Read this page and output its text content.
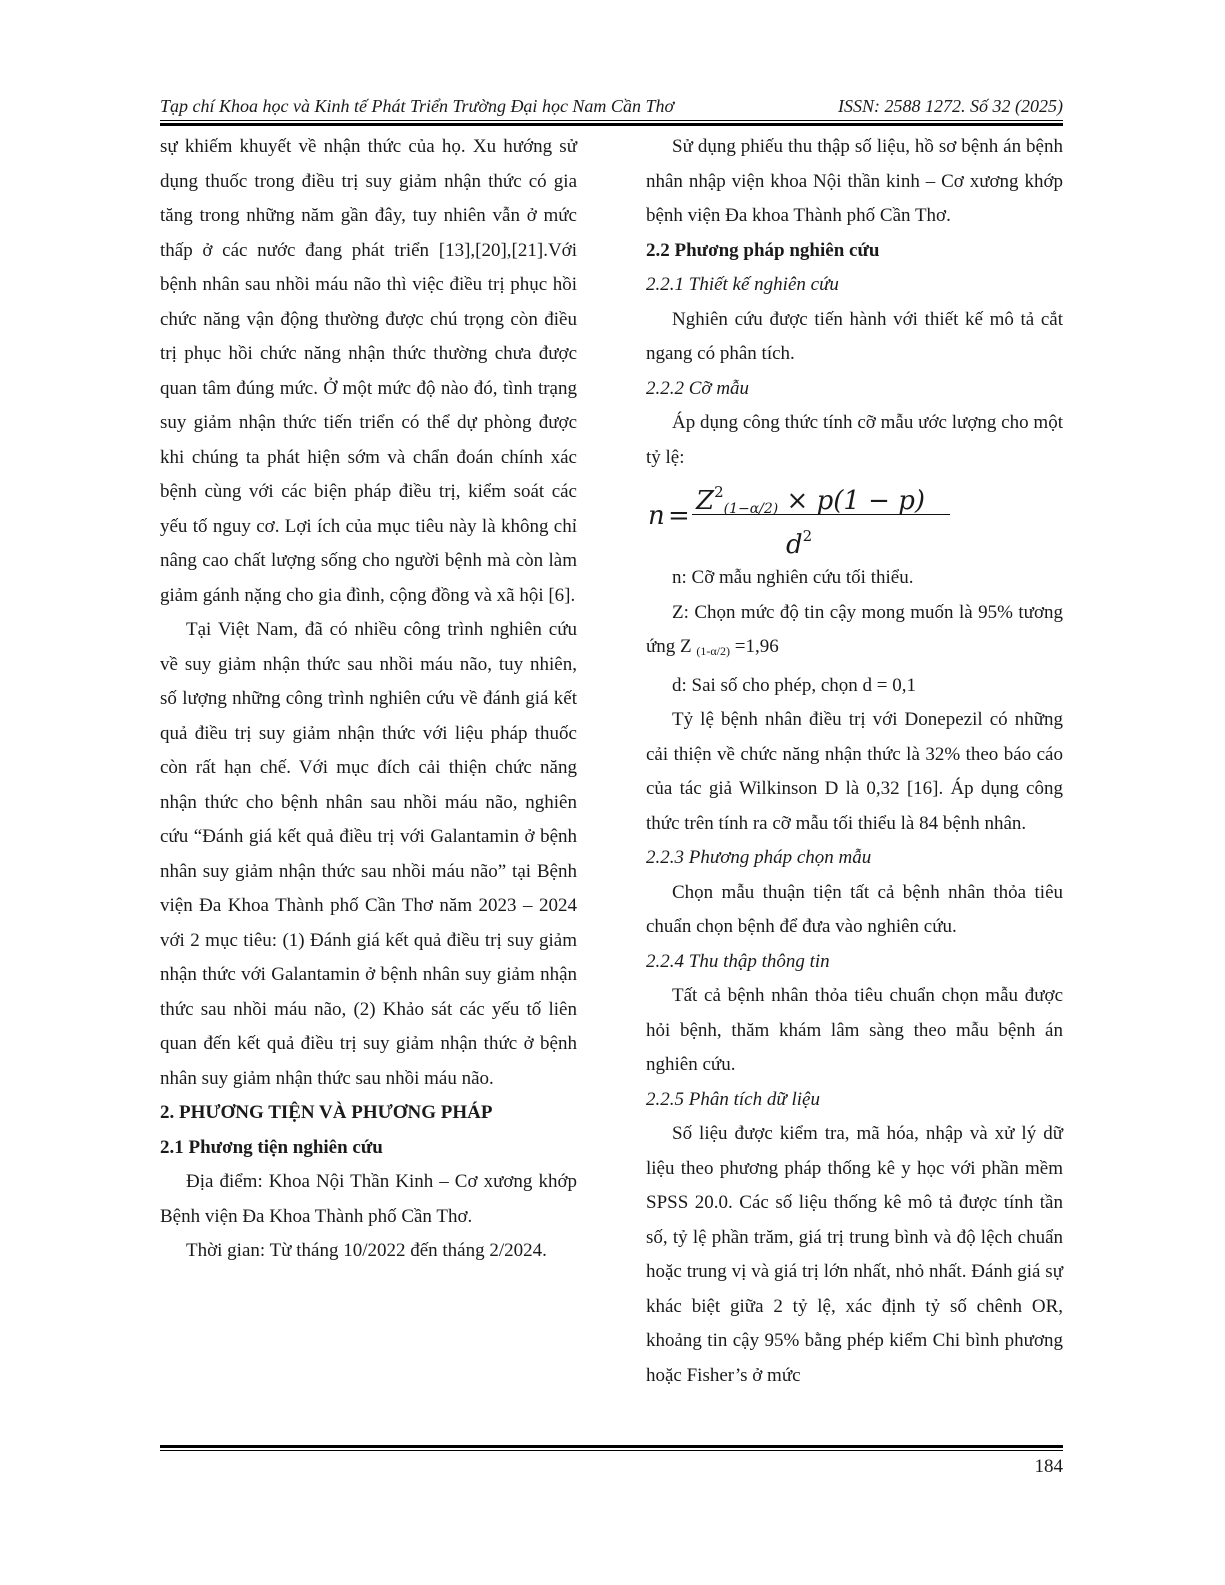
Tạp chí Khoa học và Kinh tế Phát Triển Trường Đại học Nam Cần Thơ	ISSN: 2588 1272. Số 32 (2025)

sự khiếm khuyết về nhận thức của họ. Xu hướng sử dụng thuốc trong điều trị suy giảm nhận thức có gia tăng trong những năm gần đây, tuy nhiên vẫn ở mức thấp ở các nước đang phát triển [13],[20],[21].Với bệnh nhân sau nhồi máu não thì việc điều trị phục hồi chức năng vận động thường được chú trọng còn điều trị phục hồi chức năng nhận thức thường chưa được quan tâm đúng mức. Ở một mức độ nào đó, tình trạng suy giảm nhận thức tiến triển có thể dự phòng được khi chúng ta phát hiện sớm và chẩn đoán chính xác bệnh cùng với các biện pháp điều trị, kiểm soát các yếu tố nguy cơ. Lợi ích của mục tiêu này là không chỉ nâng cao chất lượng sống cho người bệnh mà còn làm giảm gánh nặng cho gia đình, cộng đồng và xã hội [6].

Tại Việt Nam, đã có nhiều công trình nghiên cứu về suy giảm nhận thức sau nhồi máu não, tuy nhiên, số lượng những công trình nghiên cứu về đánh giá kết quả điều trị suy giảm nhận thức với liệu pháp thuốc còn rất hạn chế. Với mục đích cải thiện chức năng nhận thức cho bệnh nhân sau nhồi máu não, nghiên cứu “Đánh giá kết quả điều trị với Galantamin ở bệnh nhân suy giảm nhận thức sau nhồi máu não” tại Bệnh viện Đa Khoa Thành phố Cần Thơ năm 2023 – 2024 với 2 mục tiêu: (1) Đánh giá kết quả điều trị suy giảm nhận thức với Galantamin ở bệnh nhân suy giảm nhận thức sau nhồi máu não, (2) Khảo sát các yếu tố liên quan đến kết quả điều trị suy giảm nhận thức ở bệnh nhân suy giảm nhận thức sau nhồi máu não.

2. PHƯƠNG TIỆN VÀ PHƯƠNG PHÁP

2.1 Phương tiện nghiên cứu

Địa điểm: Khoa Nội Thần Kinh – Cơ xương khớp Bệnh viện Đa Khoa Thành phố Cần Thơ.

Thời gian: Từ tháng 10/2022 đến tháng 2/2024.

Sử dụng phiếu thu thập số liệu, hồ sơ bệnh án bệnh nhân nhập viện khoa Nội thần kinh – Cơ xương khớp bệnh viện Đa khoa Thành phố Cần Thơ.

2.2 Phương pháp nghiên cứu

2.2.1 Thiết kế nghiên cứu

Nghiên cứu được tiến hành với thiết kế mô tả cắt ngang có phân tích.

2.2.2 Cỡ mẫu

Áp dụng công thức tính cỡ mẫu ước lượng cho một tỷ lệ:

$n = Z^2_{(1-\alpha/2)} \times p(1 - p)$
$d^2$

n: Cỡ mẫu nghiên cứu tối thiểu.

Z: Chọn mức độ tin cậy mong muốn là 95% tương ứng Z (1-α/2) =1,96

d: Sai số cho phép, chọn d = 0,1

Tỷ lệ bệnh nhân điều trị với Donepezil có những cải thiện về chức năng nhận thức là 32% theo báo cáo của tác giả Wilkinson D là 0,32 [16]. Áp dụng công thức trên tính ra cỡ mẫu tối thiểu là 84 bệnh nhân.

2.2.3 Phương pháp chọn mẫu

Chọn mẫu thuận tiện tất cả bệnh nhân thỏa tiêu chuẩn chọn bệnh để đưa vào nghiên cứu.

2.2.4 Thu thập thông tin

Tất cả bệnh nhân thỏa tiêu chuẩn chọn mẫu được hỏi bệnh, thăm khám lâm sàng theo mẫu bệnh án nghiên cứu.

2.2.5 Phân tích dữ liệu

Số liệu được kiểm tra, mã hóa, nhập và xử lý dữ liệu theo phương pháp thống kê y học với phần mềm SPSS 20.0. Các số liệu thống kê mô tả được tính tần số, tỷ lệ phần trăm, giá trị trung bình và độ lệch chuẩn hoặc trung vị và giá trị lớn nhất, nhỏ nhất. Đánh giá sự khác biệt giữa 2 tỷ lệ, xác định tỷ số chênh OR, khoảng tin cậy 95% bằng phép kiểm Chi bình phương hoặc Fisher’s ở mức

184
